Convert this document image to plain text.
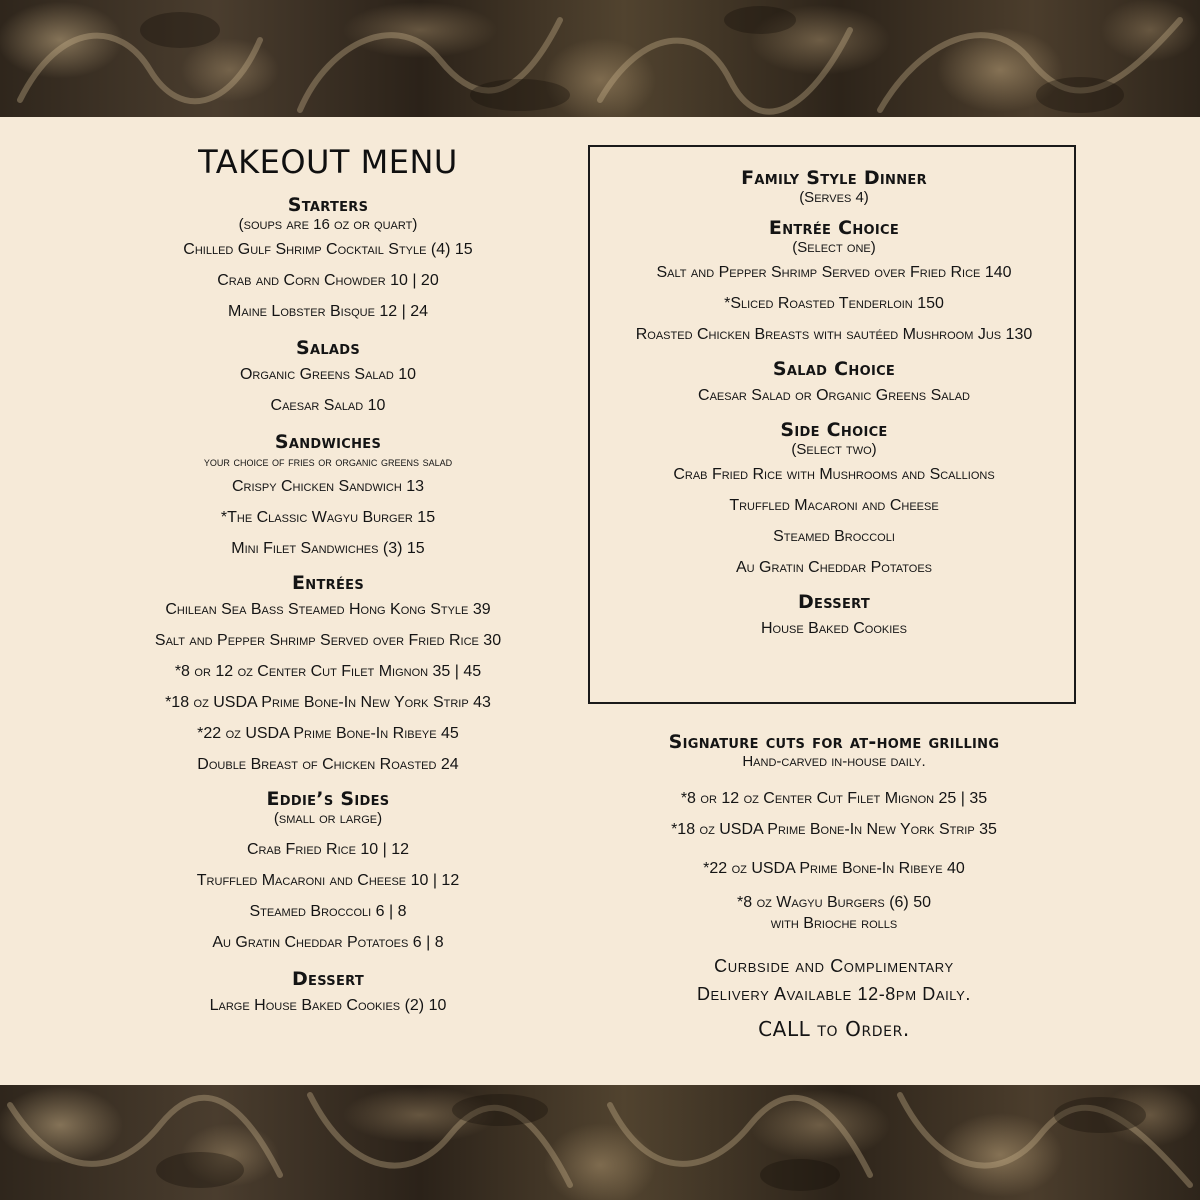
TAKEOUT MENU

Starters

(soups are 16 oz or quart)

Chilled Gulf Shrimp Cocktail Style (4) 15

Crab and Corn Chowder 10 | 20

Maine Lobster Bisque 12 | 24

Salads

Organic Greens Salad 10

Caesar Salad 10

Sandwiches

your choice of fries or organic greens salad

Crispy Chicken Sandwich 13

*The Classic Wagyu Burger 15

Mini Filet Sandwiches (3) 15

Entrées

Chilean Sea Bass Steamed Hong Kong Style 39

Salt and Pepper Shrimp Served over Fried Rice 30

*8 or 12 oz Center Cut Filet Mignon 35 | 45

*18 oz USDA Prime Bone-In New York Strip 43

*22 oz USDA Prime Bone-In Ribeye 45

Double Breast of Chicken Roasted 24

Eddie’s Sides

(small or large)

Crab Fried Rice 10 | 12

Truffled Macaroni and Cheese 10 | 12

Steamed Broccoli 6 | 8

Au Gratin Cheddar Potatoes 6 | 8

Dessert

Large House Baked Cookies (2) 10

Family Style Dinner

(Serves 4)

Entrée Choice

(Select one)

Salt and Pepper Shrimp Served over Fried Rice 140

*Sliced Roasted Tenderloin 150

Roasted Chicken Breasts with sautéed Mushroom Jus 130

Salad Choice

Caesar Salad or Organic Greens Salad

Side Choice

(Select two)

Crab Fried Rice with Mushrooms and Scallions

Truffled Macaroni and Cheese

Steamed Broccoli

Au Gratin Cheddar Potatoes

Dessert

House Baked Cookies

Signature cuts for at-home grilling

Hand-carved in-house daily.

*8 or 12 oz Center Cut Filet Mignon 25 | 35

*18 oz USDA Prime Bone-In New York Strip 35

*22 oz USDA Prime Bone-In Ribeye 40

*8 oz Wagyu Burgers (6) 50

with Brioche rolls

Curbside and Complimentary

Delivery Available 12-8pm Daily.

CALL to Order.
